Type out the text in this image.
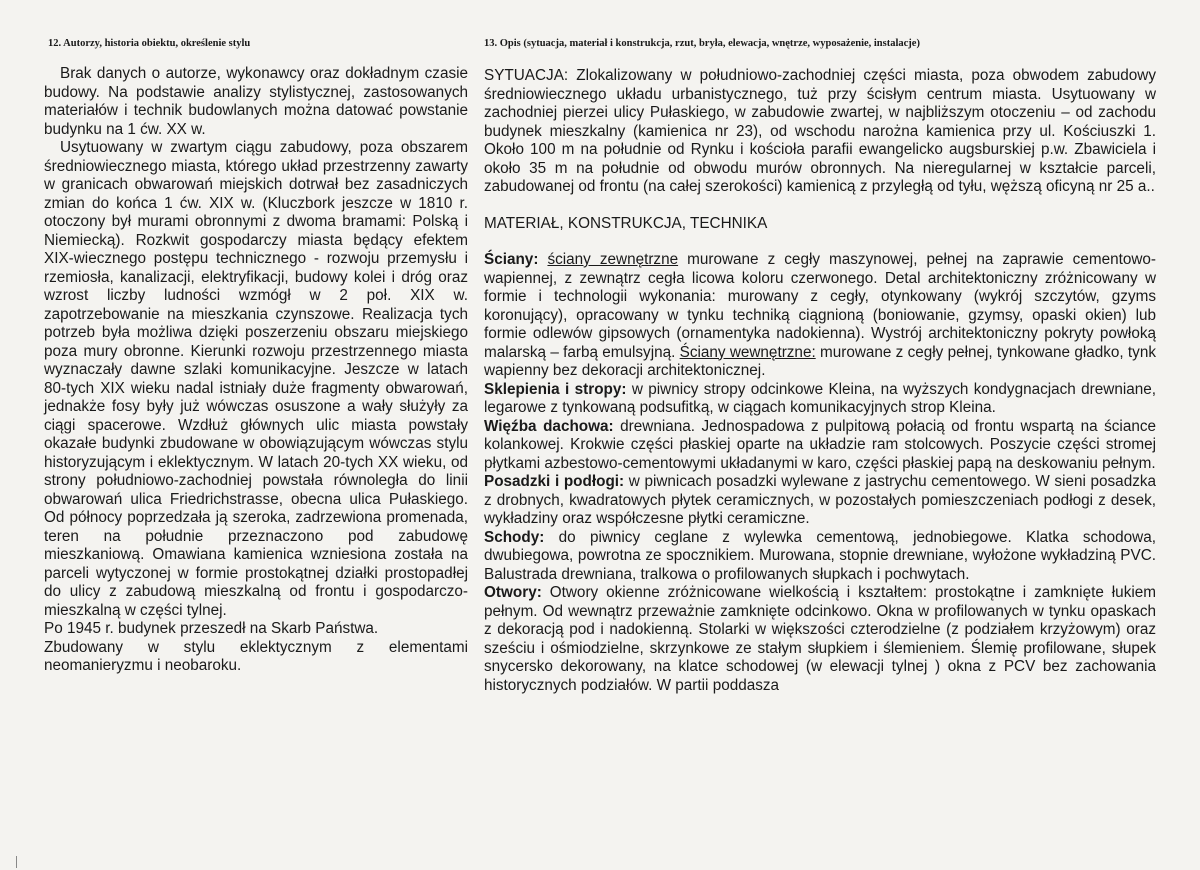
12. Autorzy, historia obiektu, określenie stylu

Brak danych o autorze, wykonawcy oraz dokładnym czasie budowy. Na podstawie analizy stylistycznej, zastosowanych materiałów i technik budowlanych można datować powstanie budynku na 1 ćw. XX w.

Usytuowany w zwartym ciągu zabudowy, poza obszarem średniowiecznego miasta, którego układ przestrzenny zawarty w granicach obwarowań miejskich dotrwał bez zasadniczych zmian do końca 1 ćw. XIX w. (Kluczbork jeszcze w 1810 r. otoczony był murami obronnymi z dwoma bramami: Polską i Niemiecką). Rozkwit gospodarczy miasta będący efektem XIX-wiecznego postępu technicznego - rozwoju przemysłu i rzemiosła, kanalizacji, elektryfikacji, budowy kolei i dróg oraz wzrost liczby ludności wzmógł w 2 poł. XIX w. zapotrzebowanie na mieszkania czynszowe. Realizacja tych potrzeb była możliwa dzięki poszerzeniu obszaru miejskiego poza mury obronne. Kierunki rozwoju przestrzennego miasta wyznaczały dawne szlaki komunikacyjne. Jeszcze w latach 80-tych XIX wieku nadal istniały duże fragmenty obwarowań, jednakże fosy były już wówczas osuszone a wały służyły za ciągi spacerowe. Wzdłuż głównych ulic miasta powstały okazałe budynki zbudowane w obowiązującym wówczas stylu historyzującym i eklektycznym. W latach 20-tych XX wieku, od strony południowo-zachodniej powstała równoległa do linii obwarowań ulica Friedrichstrasse, obecna ulica Pułaskiego. Od północy poprzedzała ją szeroka, zadrzewiona promenada, teren na południe przeznaczono pod zabudowę mieszkaniową. Omawiana kamienica wzniesiona została na parceli wytyczonej w formie prostokątnej działki prostopadłej do ulicy z zabudową mieszkalną od frontu i gospodarczo-mieszkalną w części tylnej.

Po 1945 r. budynek przeszedł na Skarb Państwa.

Zbudowany w stylu eklektycznym z elementami neomanieryzmu i neobaroku.

13. Opis (sytuacja, materiał i konstrukcja, rzut, bryła, elewacja, wnętrze, wyposażenie, instalacje)

SYTUACJA: Zlokalizowany w południowo-zachodniej części miasta, poza obwodem zabudowy średniowiecznego układu urbanistycznego, tuż przy ścisłym centrum miasta. Usytuowany w zachodniej pierzei ulicy Pułaskiego, w zabudowie zwartej, w najbliższym otoczeniu – od zachodu budynek mieszkalny (kamienica nr 23), od wschodu narożna kamienica przy ul. Kościuszki 1. Około 100 m na południe od Rynku i kościoła parafii ewangelicko augsburskiej p.w. Zbawiciela i około 35 m na południe od obwodu murów obronnych. Na nieregularnej w kształcie parceli, zabudowanej od frontu (na całej szerokości) kamienicą z przyległą od tyłu, węższą oficyną nr 25 a..

MATERIAŁ, KONSTRUKCJA, TECHNIKA

Ściany: ściany zewnętrzne murowane z cegły maszynowej, pełnej na zaprawie cementowo-wapiennej, z zewnątrz cegła licowa koloru czerwonego. Detal architektoniczny zróżnicowany w formie i technologii wykonania: murowany z cegły, otynkowany (wykrój szczytów, gzyms koronujący), opracowany w tynku techniką ciągnioną (boniowanie, gzymsy, opaski okien) lub formie odlewów gipsowych (ornamentyka nadokienna). Wystrój architektoniczny pokryty powłoką malarską – farbą emulsyjną. Ściany wewnętrzne: murowane z cegły pełnej, tynkowane gładko, tynk wapienny bez dekoracji architektonicznej.

Sklepienia i stropy: w piwnicy stropy odcinkowe Kleina, na wyższych kondygnacjach drewniane, legarowe z tynkowaną podsufitką, w ciągach komunikacyjnych strop Kleina.

Więźba dachowa: drewniana. Jednospadowa z pulpitową połacią od frontu wspartą na ściance kolankowej. Krokwie części płaskiej oparte na układzie ram stolcowych. Poszycie części stromej płytkami azbestowo-cementowymi układanymi w karo, części płaskiej papą na deskowaniu pełnym.

Posadzki i podłogi: w piwnicach posadzki wylewane z jastrychu cementowego. W sieni posadzka z drobnych, kwadratowych płytek ceramicznych, w pozostałych pomieszczeniach podłogi z desek, wykładziny oraz współczesne płytki ceramiczne.

Schody: do piwnicy ceglane z wylewka cementową, jednobiegowe. Klatka schodowa, dwubiegowa, powrotna ze spocznikiem. Murowana, stopnie drewniane, wyłożone wykładziną PVC. Balustrada drewniana, tralkowa o profilowanych słupkach i pochwytach.

Otwory: Otwory okienne zróżnicowane wielkością i kształtem: prostokątne i zamknięte łukiem pełnym. Od wewnątrz przeważnie zamknięte odcinkowo. Okna w profilowanych w tynku opaskach z dekoracją pod i nadokienną. Stolarki w większości czterodzielne (z podziałem krzyżowym) oraz sześciu i ośmiodzielne, skrzynkowe ze stałym słupkiem i ślemieniem. Ślemię profilowane, słupek snycersko dekorowany, na klatce schodowej (w elewacji tylnej ) okna z PCV bez zachowania historycznych podziałów. W partii poddasza
